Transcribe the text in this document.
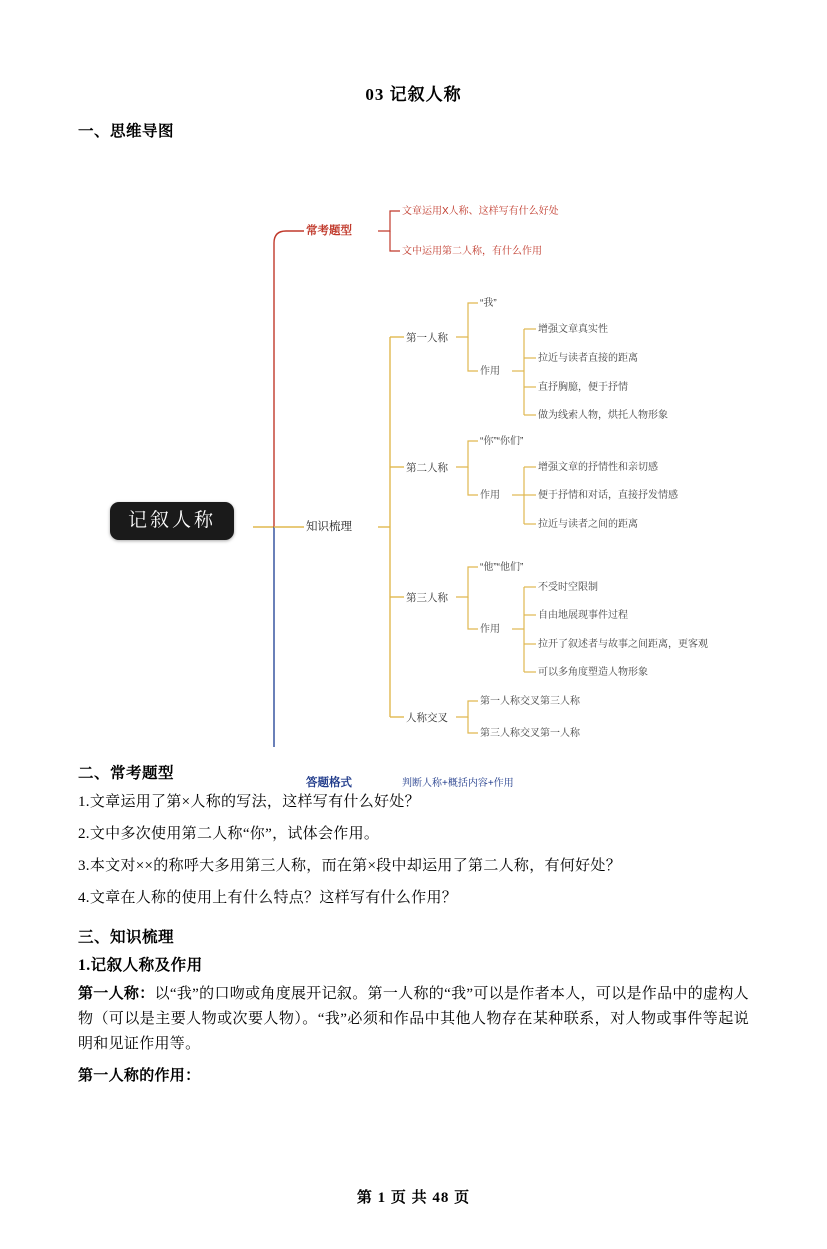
03 记叙人称
一、思维导图
记叙人称
常考题型
文章运用X人称、这样写有什么好处
文中运用第二人称，有什么作用
知识梳理
第一人称
“我”
作用
增强文章真实性
拉近与读者直接的距离
直抒胸臆，便于抒情
做为线索人物，烘托人物形象
第二人称
“你”“你们”
作用
增强文章的抒情性和亲切感
便于抒情和对话，直接抒发情感
拉近与读者之间的距离
第三人称
“他”“他们”
作用
不受时空限制
自由地展现事件过程
拉开了叙述者与故事之间距离，更客观
可以多角度塑造人物形象
人称交叉
第一人称交叉第三人称
第三人称交叉第一人称
答题格式	判断人称+概括内容+作用
二、常考题型
1.文章运用了第×人称的写法，这样写有什么好处？
2.文中多次使用第二人称“你”，试体会作用。
3.本文对××的称呼大多用第三人称，而在第×段中却运用了第二人称，有何好处？
4.文章在人称的使用上有什么特点？这样写有什么作用？
三、知识梳理
1.记叙人称及作用
第一人称：以“我”的口吻或角度展开记叙。第一人称的“我”可以是作者本人，可以是作品中的虚构人物（可以是主要人物或次要人物）。“我”必须和作品中其他人物存在某种联系，对人物或事件等起说明和见证作用等。
第一人称的作用：
第 1 页 共 48 页
